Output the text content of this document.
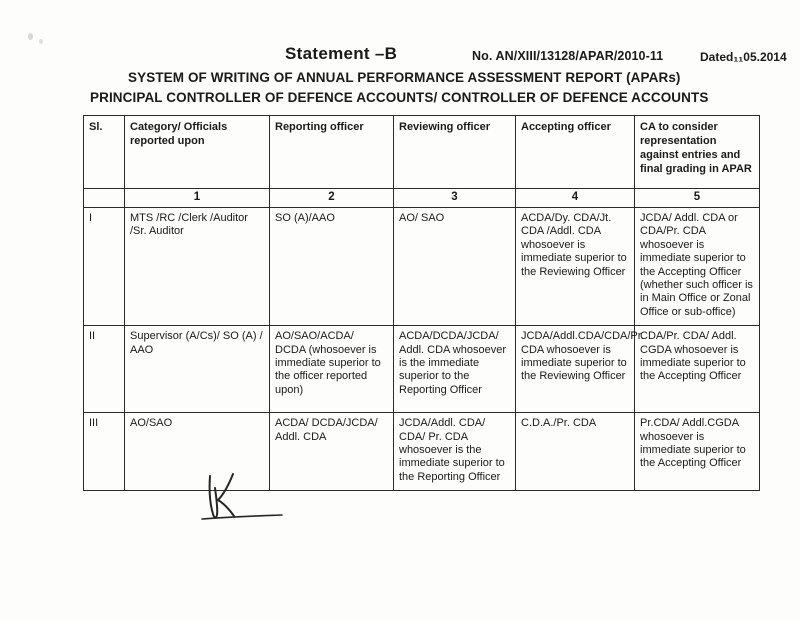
Statement –B	No. AN/XIII/13128/APAR/2010-11	Dated₁₁05.2014
SYSTEM OF WRITING OF ANNUAL PERFORMANCE ASSESSMENT REPORT (APARs)
PRINCIPAL CONTROLLER OF DEFENCE ACCOUNTS/ CONTROLLER OF DEFENCE ACCOUNTS
Sl.	Category/ Officials reported upon	Reporting officer	Reviewing officer	Accepting officer	CA to consider representation against entries and final grading in APAR
	1	2	3	4	5
I	MTS /RC /Clerk /Auditor /Sr. Auditor	SO (A)/AAO	AO/ SAO	ACDA/Dy. CDA/Jt. CDA /Addl. CDA whosoever is immediate superior to the Reviewing Officer	JCDA/ Addl. CDA or CDA/Pr. CDA whosoever is immediate superior to the Accepting Officer (whether such officer is in Main Office or Zonal Office or sub-office)
II	Supervisor (A/Cs)/ SO (A) / AAO	AO/SAO/ACDA/ DCDA (whosoever is immediate superior to the officer reported upon)	ACDA/DCDA/JCDA/ Addl. CDA whosoever is the immediate superior to the Reporting Officer	JCDA/Addl.CDA/CDA/Pr. CDA whosoever is immediate superior to the Reviewing Officer	CDA/Pr. CDA/ Addl. CGDA whosoever is immediate superior to the Accepting Officer
III	AO/SAO	ACDA/ DCDA/JCDA/ Addl. CDA	JCDA/Addl. CDA/ CDA/ Pr. CDA whosoever is the immediate superior to the Reporting Officer	C.D.A./Pr. CDA	Pr.CDA/ Addl.CGDA whosoever is immediate superior to the Accepting Officer
